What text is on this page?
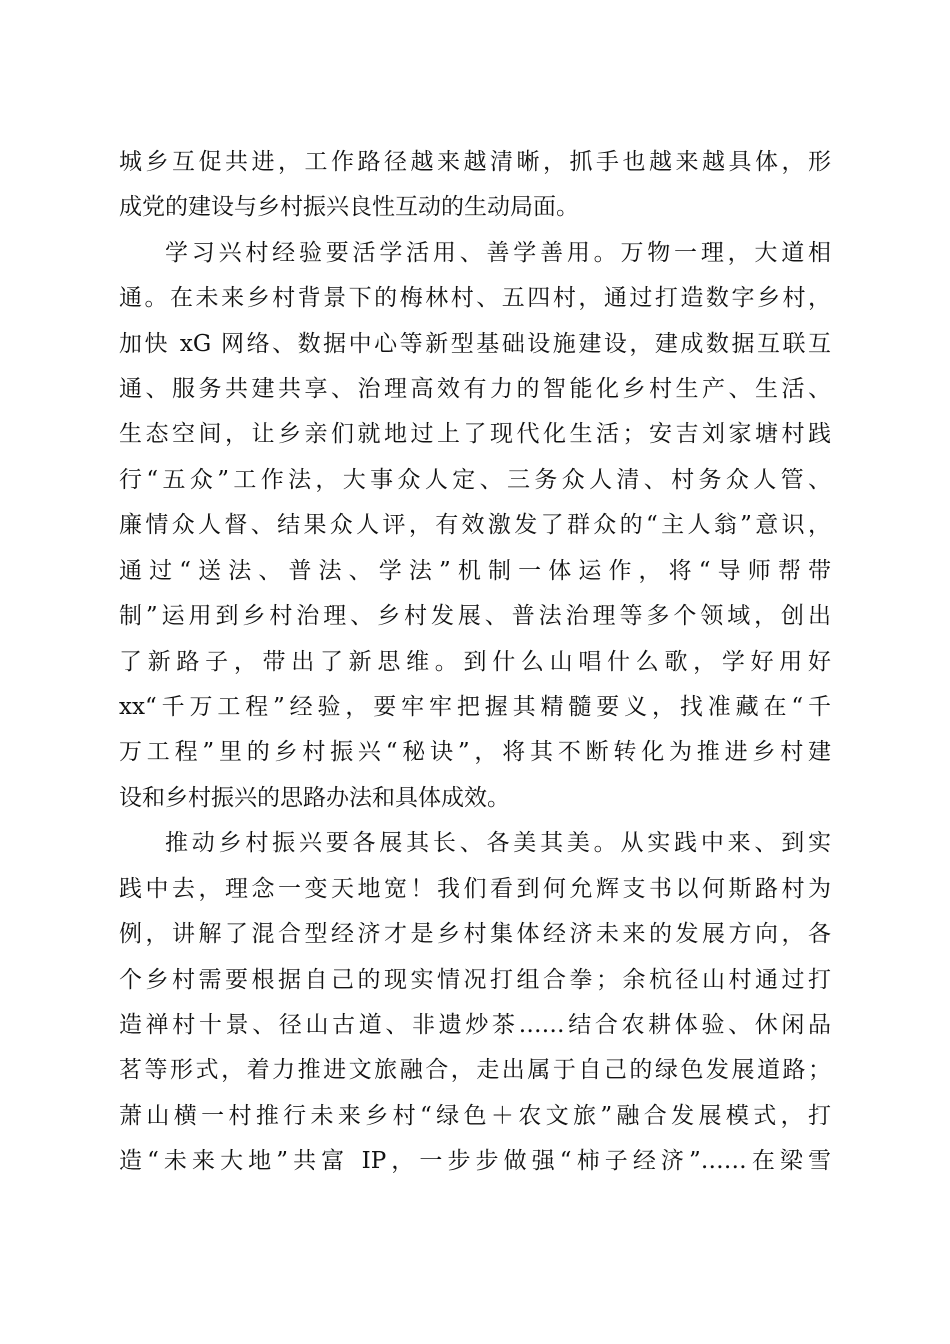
城乡互促共进，工作路径越来越清晰，抓手也越来越具体，形
成党的建设与乡村振兴良性互动的生动局面。
学习兴村经验要活学活用、善学善用。万物一理，大道相
通。在未来乡村背景下的梅林村、五四村，通过打造数字乡村，
加快 xG 网络、数据中心等新型基础设施建设，建成数据互联互
通、服务共建共享、治理高效有力的智能化乡村生产、生活、
生态空间，让乡亲们就地过上了现代化生活；安吉刘家塘村践
行“五众”工作法，大事众人定、三务众人清、村务众人管、
廉情众人督、结果众人评，有效激发了群众的“主人翁”意识，
通过“送法、普法、学法”机制一体运作，将“导师帮带
制”运用到乡村治理、乡村发展、普法治理等多个领域，创出
了新路子，带出了新思维。到什么山唱什么歌，学好用好
xx“千万工程”经验，要牢牢把握其精髓要义，找准藏在“千
万工程”里的乡村振兴“秘诀”，将其不断转化为推进乡村建
设和乡村振兴的思路办法和具体成效。
推动乡村振兴要各展其长、各美其美。从实践中来、到实
践中去，理念一变天地宽！我们看到何允辉支书以何斯路村为
例，讲解了混合型经济才是乡村集体经济未来的发展方向，各
个乡村需要根据自己的现实情况打组合拳；余杭径山村通过打
造禅村十景、径山古道、非遗炒茶……结合农耕体验、休闲品
茗等形式，着力推进文旅融合，走出属于自己的绿色发展道路；
萧山横一村推行未来乡村“绿色＋农文旅”融合发展模式，打
造“未来大地”共富 IP，一步步做强“柿子经济”……在梁雪
